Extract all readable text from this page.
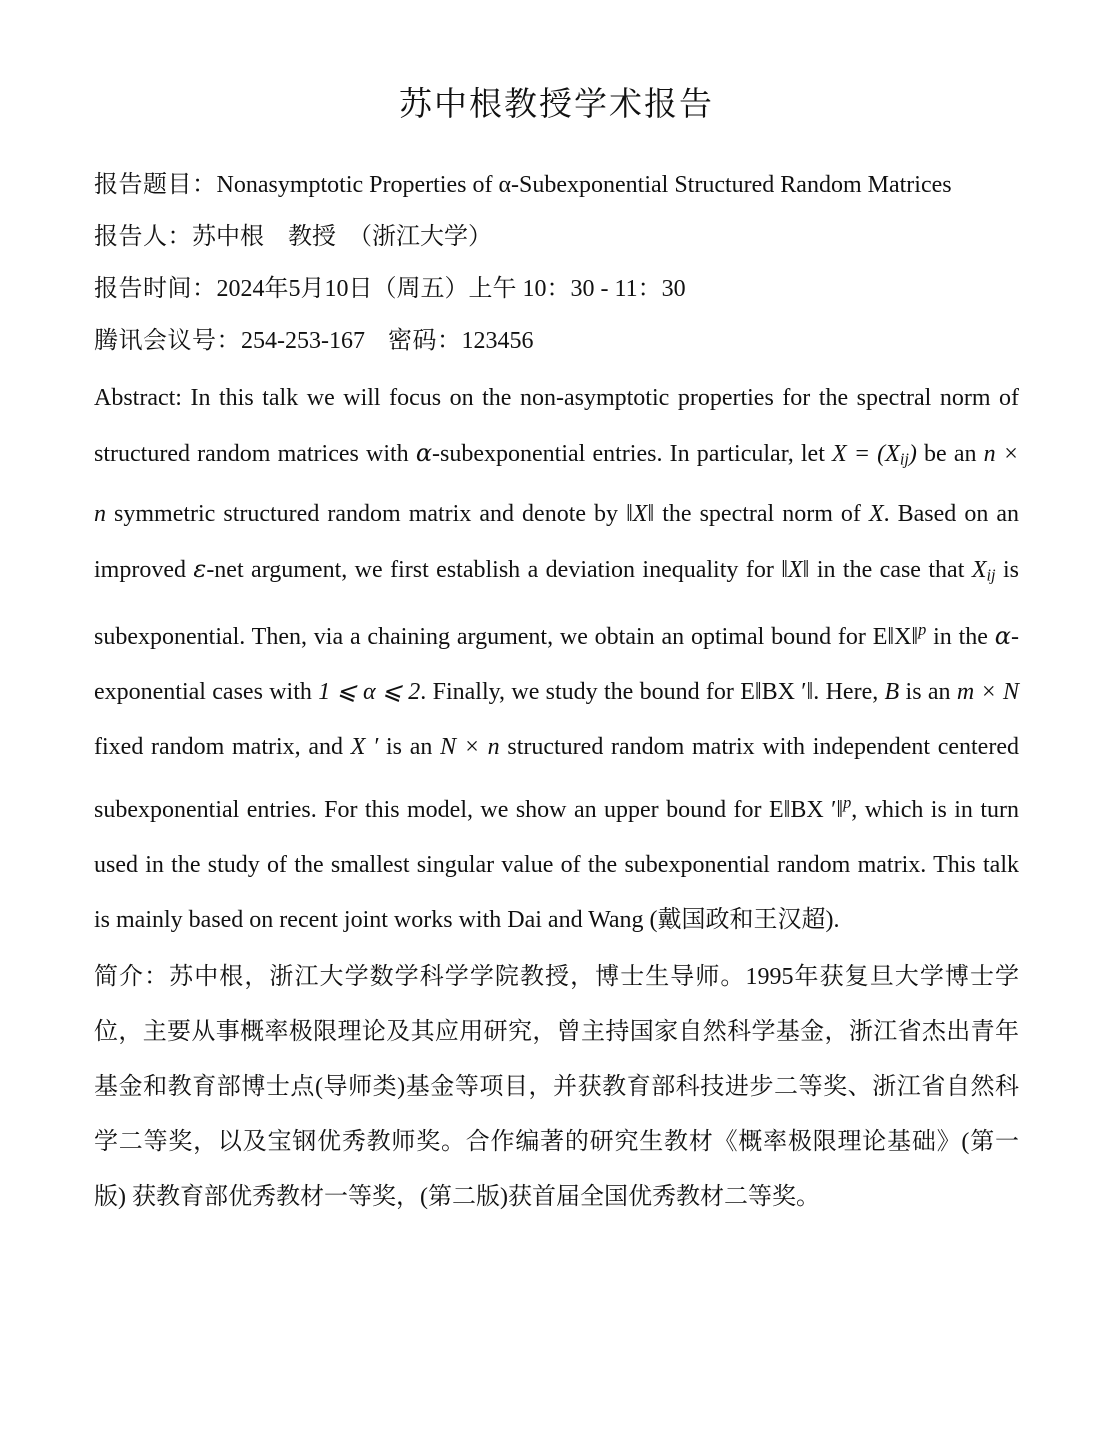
苏中根教授学术报告
报告题目：Nonasymptotic Properties of α-Subexponential Structured Random Matrices
报告人：苏中根　教授　（浙江大学）
报告时间：2024年5月10日（周五）上午 10：30 - 11：30
腾讯会议号：254-253-167 密码：123456
Abstract: In this talk we will focus on the non-asymptotic properties for the spectral norm of structured random matrices with α-subexponential entries. In particular, let $X = (X_{ij})$ be an n × n symmetric structured random matrix and denote by ‖X‖ the spectral norm of X. Based on an improved ε-net argument, we first establish a deviation inequality for ‖X‖ in the case that $X_{ij}$ is subexponential. Then, via a chaining argument, we obtain an optimal bound for E‖X‖$^p$ in the α-exponential cases with 1 ⩽ α ⩽ 2. Finally, we study the bound for E‖BX ′‖. Here, B is an m × N fixed random matrix, and X ′ is an N × n structured random matrix with independent centered subexponential entries. For this model, we show an upper bound for E‖BX ′‖$^p$, which is in turn used in the study of the smallest singular value of the subexponential random matrix. This talk is mainly based on recent joint works with Dai and Wang (戴国政和王汉超).
简介：苏中根，浙江大学数学科学学院教授，博士生导师。1995年获复旦大学博士学位，主要从事概率极限理论及其应用研究，曾主持国家自然科学基金，浙江省杰出青年基金和教育部博士点(导师类)基金等项目，并获教育部科技进步二等奖、浙江省自然科学二等奖，以及宝钢优秀教师奖。合作编著的研究生教材《概率极限理论基础》(第一版) 获教育部优秀教材一等奖，(第二版)获首届全国优秀教材二等奖。
